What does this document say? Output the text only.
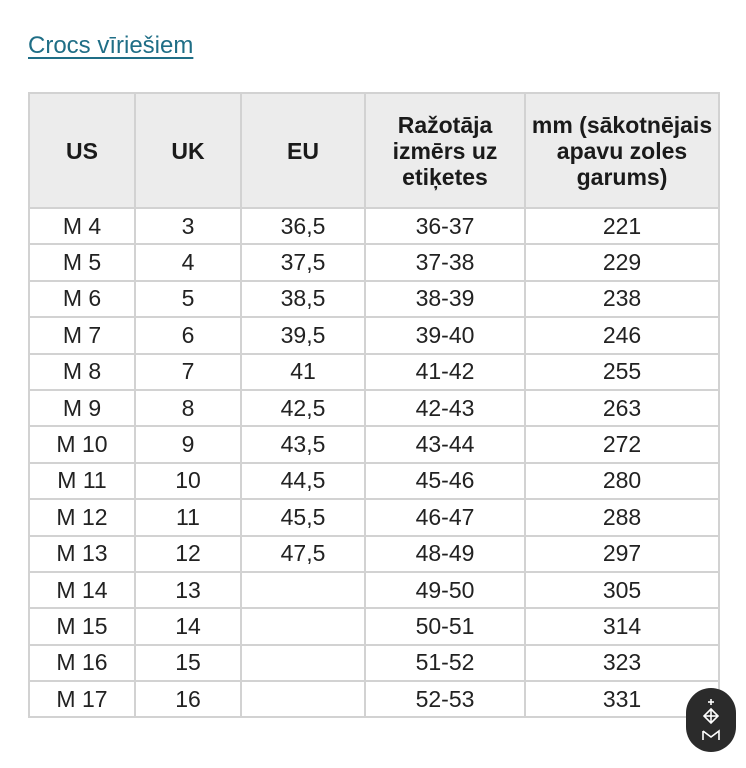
Crocs vīriešiem
US	UK	EU	Ražotāja izmērs uz etiķetes	mm (sākotnējais apavu zoles garums)
M 4	3	36,5	36-37	221
M 5	4	37,5	37-38	229
M 6	5	38,5	38-39	238
M 7	6	39,5	39-40	246
M 8	7	41	41-42	255
M 9	8	42,5	42-43	263
M 10	9	43,5	43-44	272
M 11	10	44,5	45-46	280
M 12	11	45,5	46-47	288
M 13	12	47,5	48-49	297
M 14	13		49-50	305
M 15	14		50-51	314
M 16	15		51-52	323
M 17	16		52-53	331
